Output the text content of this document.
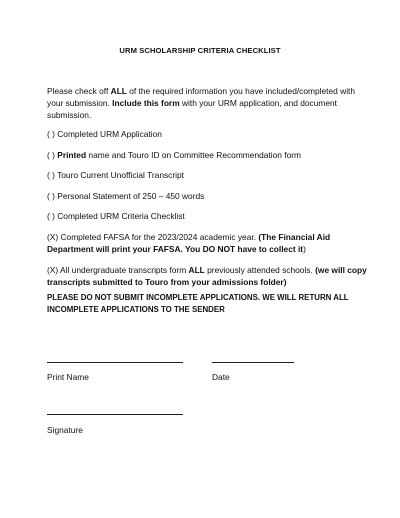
URM SCHOLARSHIP CRITERIA CHECKLIST
Please check off ALL of the required information you have included/completed with your submission. Include this form with your URM application, and document submission.
( ) Completed URM Application
( ) Printed name and Touro ID on Committee Recommendation form
( ) Touro Current Unofficial Transcript
( ) Personal Statement of 250 – 450 words
( ) Completed URM Criteria Checklist
(X) Completed FAFSA for the 2023/2024 academic year. (The Financial Aid Department will print your FAFSA. You DO NOT have to collect it)
(X) All undergraduate transcripts form ALL previously attended schools. (we will copy transcripts submitted to Touro from your admissions folder)
PLEASE DO NOT SUBMIT INCOMPLETE APPLICATIONS. WE WILL RETURN ALL INCOMPLETE APPLICATIONS TO THE SENDER
Print Name	Date
Signature
